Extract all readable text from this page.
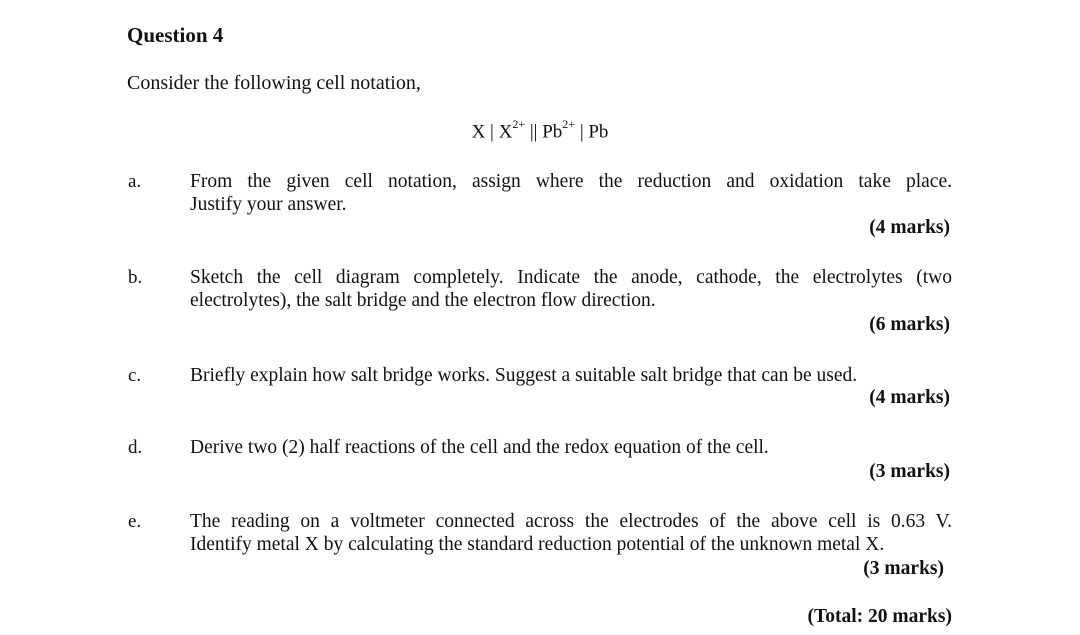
Question 4
Consider the following cell notation,
X | $X^{2+}$ || $Pb^{2+}$ | Pb
a.	From the given cell notation, assign where the reduction and oxidation take place.
Justify your answer.
(4 marks)
b. Sketch the cell diagram completely. Indicate the anode, cathode, the electrolytes (two
electrolytes), the salt bridge and the electron flow direction.
(6 marks)
c.	Briefly explain how salt bridge works. Suggest a suitable salt bridge that can be used.
(4 marks)
d. Derive two (2) half reactions of the cell and the redox equation of the cell.
(3 marks)
e.	The reading on a voltmeter connected across the electrodes of the above cell is 0.63 V.
Identify metal X by calculating the standard reduction potential of the unknown metal X.
(3 marks)
(Total: 20 marks)
